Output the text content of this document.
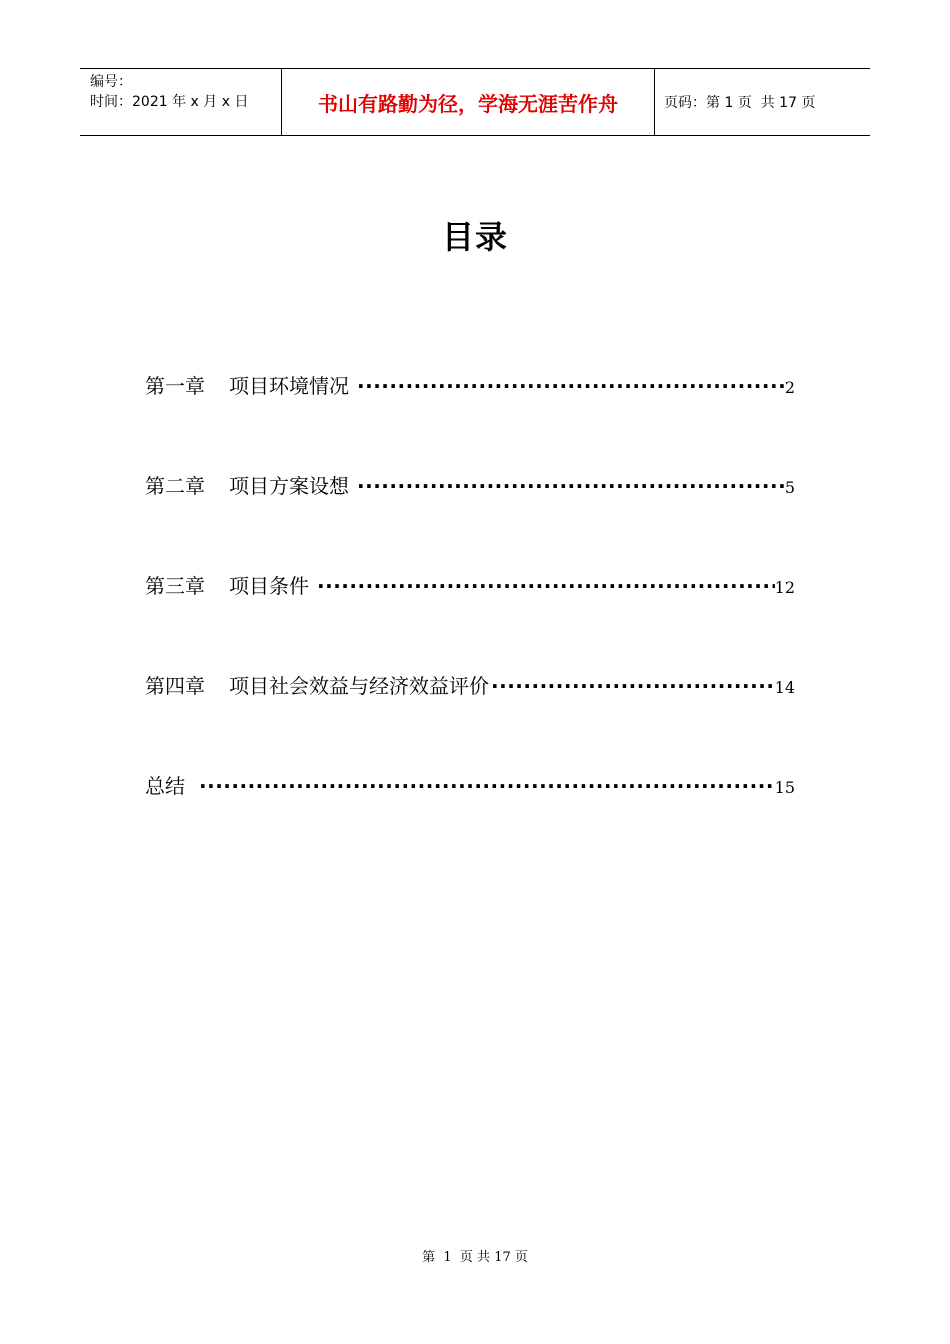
编号：
时间：2021 年 x 月 x 日	书山有路勤为径，学海无涯苦作舟	页码：第 1 页  共 17 页
目录
第一章 项目环境情况 ·····	2
第二章 项目方案设想 ·····	5
第三章 项目条件 ·····	12
第四章 项目社会效益与经济效益评价 ·····	14
总结 ·····	15
第  1  页 共 17 页
